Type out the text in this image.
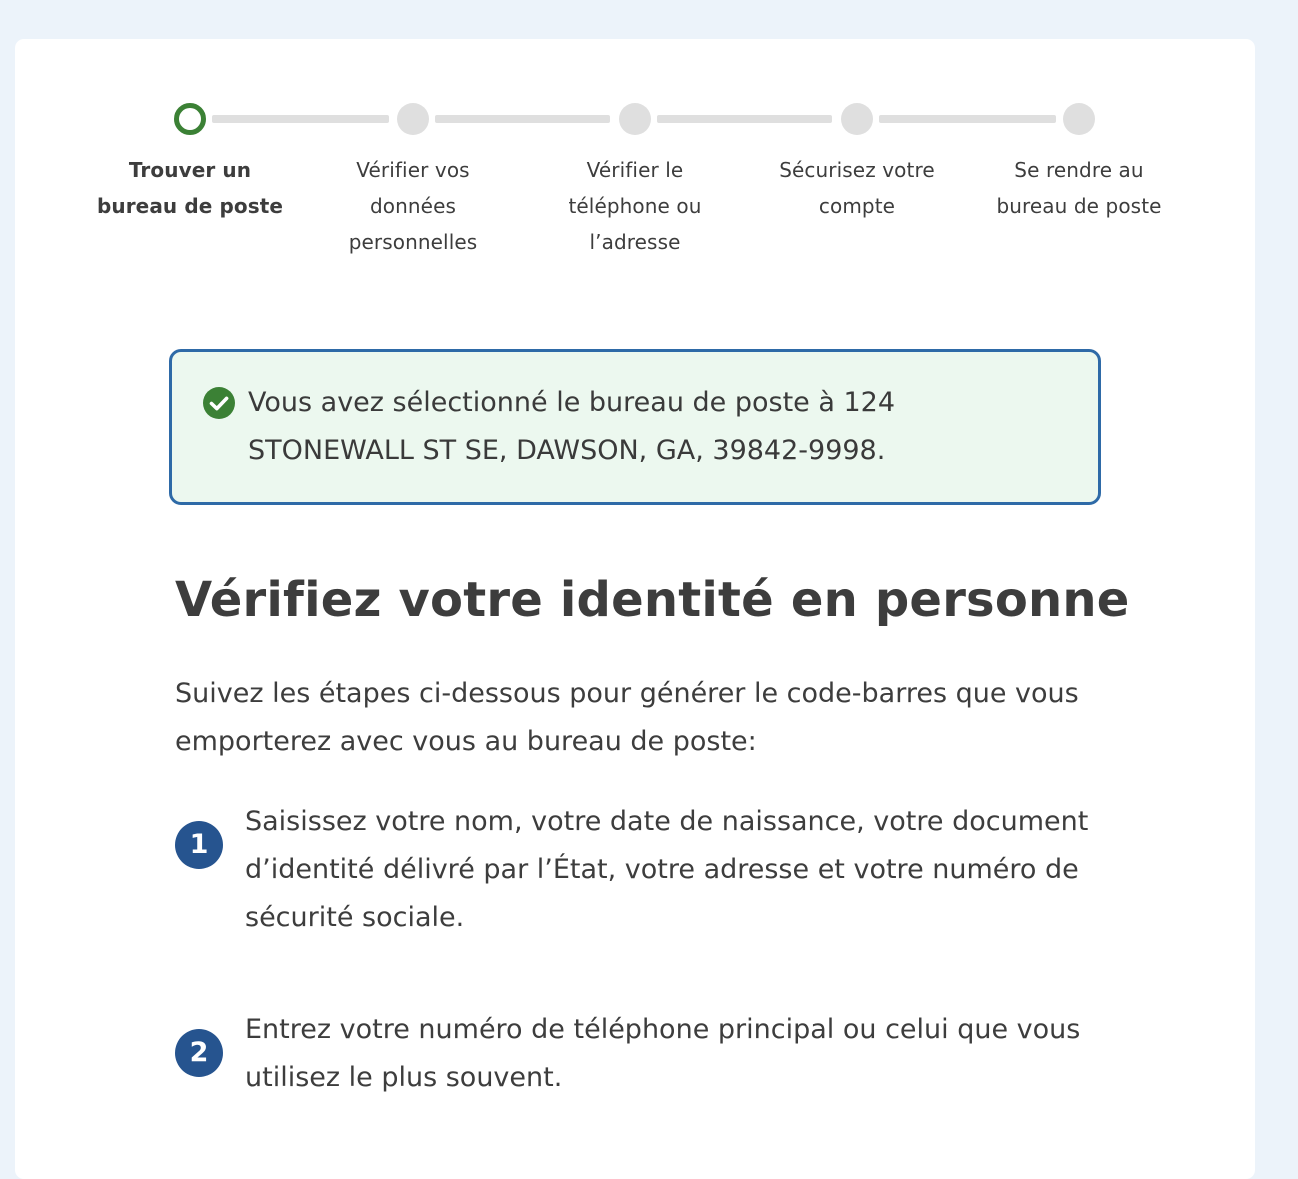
Trouver un bureau de poste
Vérifier vos données personnelles
Vérifier le téléphone ou l’adresse
Sécurisez votre compte
Se rendre au bureau de poste
Vous avez sélectionné le bureau de poste à 124 STONEWALL ST SE, DAWSON, GA, 39842-9998.
Vérifiez votre identité en personne

Suivez les étapes ci-dessous pour générer le code-barres que vous emporterez avec vous au bureau de poste:

1

Saisissez votre nom, votre date de naissance, votre document d’identité délivré par l’État, votre adresse et votre numéro de sécurité sociale.

2

Entrez votre numéro de téléphone principal ou celui que vous utilisez le plus souvent.
